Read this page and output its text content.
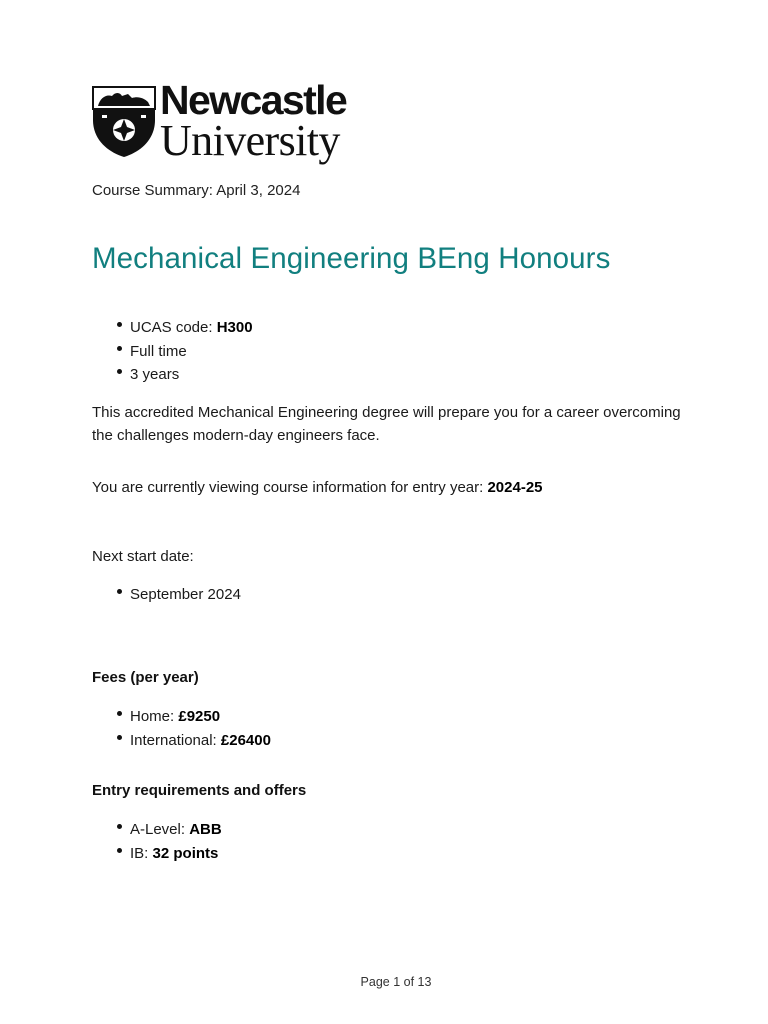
Newcastle
University
Course Summary: April 3, 2024
Mechanical Engineering BEng Honours
UCAS code: H300
Full time
3 years

This accredited Mechanical Engineering degree will prepare you for a career overcoming the challenges modern-day engineers face.

You are currently viewing course information for entry year: 2024-25

Next start date:

September 2024

Fees (per year)

Home: £9250
International: £26400

Entry requirements and offers

A-Level: ABB
IB: 32 points
Page 1 of 13
